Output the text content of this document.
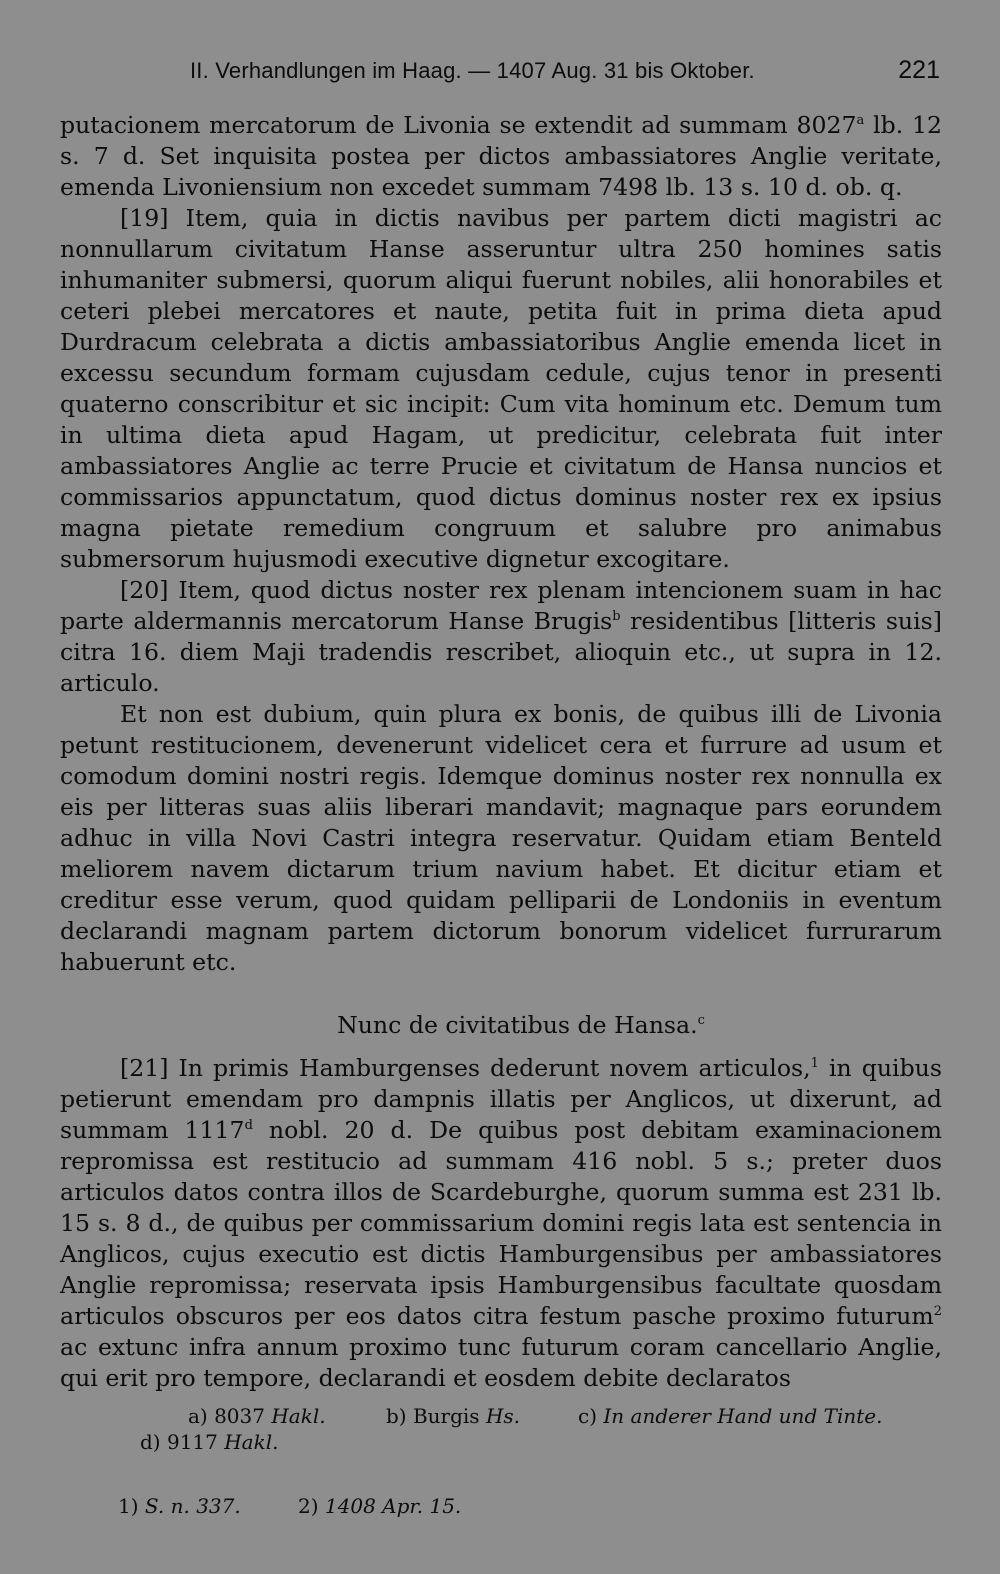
II. Verhandlungen im Haag. — 1407 Aug. 31 bis Oktober.	221

putacionem mercatorum de Livonia se extendit ad summam 8027$^a$ lb. 12 s. 7 d. Set inquisita postea per dictos ambassiatores Anglie veritate, emenda Livoniensium non excedet summam 7498 lb. 13 s. 10 d. ob. q.

[19] Item, quia in dictis navibus per partem dicti magistri ac nonnullarum civitatum Hanse asseruntur ultra 250 homines satis inhumaniter submersi, quorum aliqui fuerunt nobiles, alii honorabiles et ceteri plebei mercatores et naute, petita fuit in prima dieta apud Durdracum celebrata a dictis ambassiatoribus Anglie emenda licet in excessu secundum formam cujusdam cedule, cujus tenor in presenti quaterno conscribitur et sic incipit: Cum vita hominum etc. Demum tum in ultima dieta apud Hagam, ut predicitur, celebrata fuit inter ambassiatores Anglie ac terre Prucie et civitatum de Hansa nuncios et commissarios appunctatum, quod dictus dominus noster rex ex ipsius magna pietate remedium congruum et salubre pro animabus submersorum hujusmodi executive dignetur excogitare.

[20] Item, quod dictus noster rex plenam intencionem suam in hac parte aldermannis mercatorum Hanse Brugis$^b$ residentibus [litteris suis] citra 16. diem Maji tradendis rescribet, alioquin etc., ut supra in 12. articulo.

Et non est dubium, quin plura ex bonis, de quibus illi de Livonia petunt restitucionem, devenerunt videlicet cera et furrure ad usum et comodum domini nostri regis. Idemque dominus noster rex nonnulla ex eis per litteras suas aliis liberari mandavit; magnaque pars eorundem adhuc in villa Novi Castri integra reservatur. Quidam etiam Benteld meliorem navem dictarum trium navium habet. Et dicitur etiam et creditur esse verum, quod quidam pelliparii de Londoniis in eventum declarandi magnam partem dictorum bonorum videlicet furrurarum habuerunt etc.

Nunc de civitatibus de Hansa.$^c$

[21] In primis Hamburgenses dederunt novem articulos,$^1$ in quibus petierunt emendam pro dampnis illatis per Anglicos, ut dixerunt, ad summam 1117$^d$ nobl. 20 d. De quibus post debitam examinacionem repromissa est restitucio ad summam 416 nobl. 5 s.; preter duos articulos datos contra illos de Scardeburghe, quorum summa est 231 lb. 15 s. 8 d., de quibus per commissarium domini regis lata est sentencia in Anglicos, cujus executio est dictis Hamburgensibus per ambassiatores Anglie repromissa; reservata ipsis Hamburgensibus facultate quosdam articulos obscuros per eos datos citra festum pasche proximo futurum$^2$ ac extunc infra annum proximo tunc futurum coram cancellario Anglie, qui erit pro tempore, declarandi et eosdem debite declaratos

a) 8037 Hakl.	b) Burgis Hs.	c) In anderer Hand und Tinte.
d) 9117 Hakl.
1) S. n. 337.	2) 1408 Apr. 15.
